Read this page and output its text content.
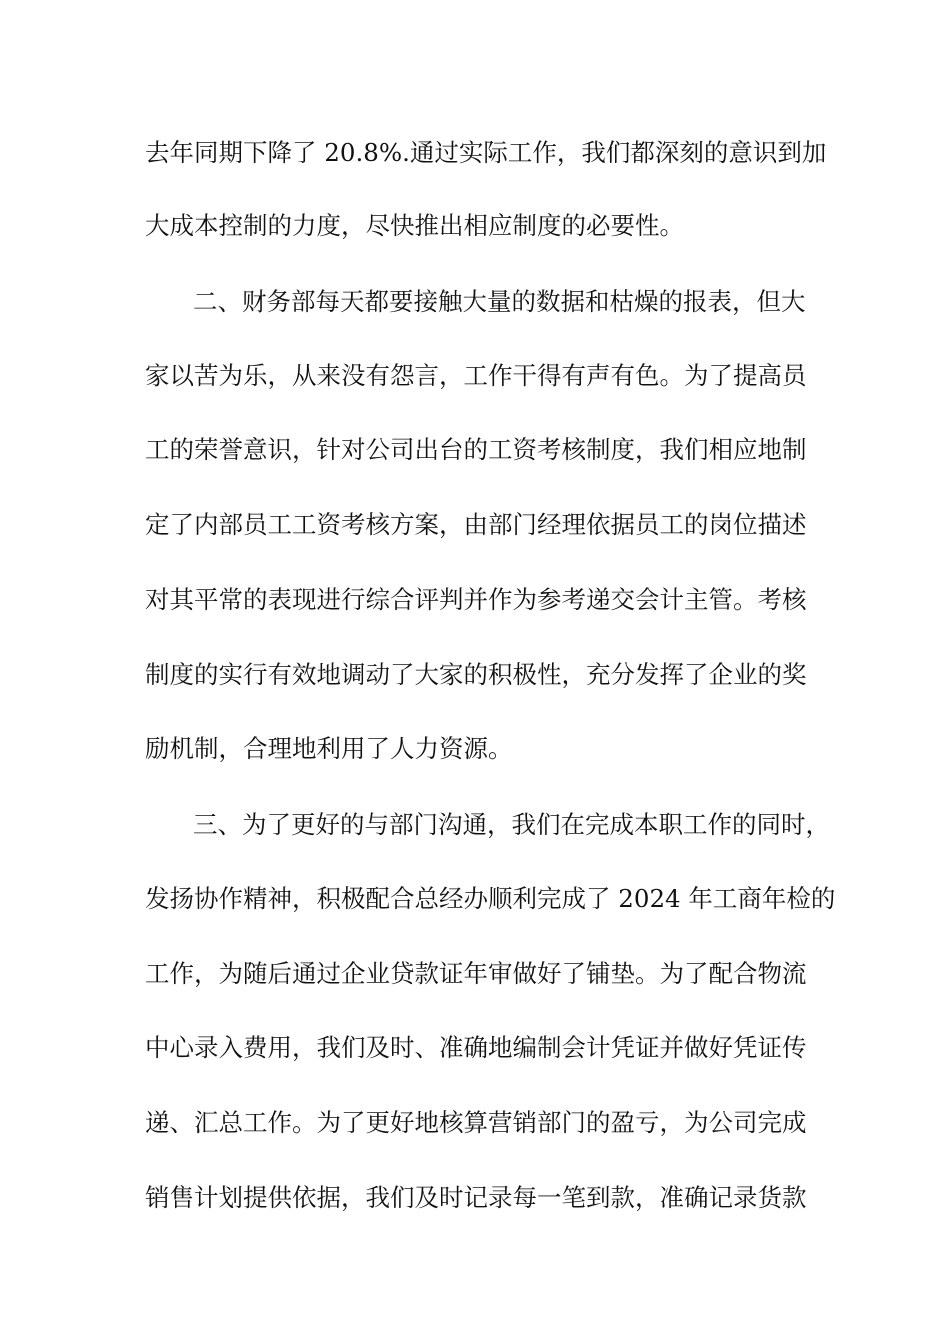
去年同期下降了 20.8%.通过实际工作，我们都深刻的意识到加

大成本控制的力度，尽快推出相应制度的必要性。

二、财务部每天都要接触大量的数据和枯燥的报表，但大

家以苦为乐，从来没有怨言，工作干得有声有色。为了提高员

工的荣誉意识，针对公司出台的工资考核制度，我们相应地制

定了内部员工工资考核方案，由部门经理依据员工的岗位描述

对其平常的表现进行综合评判并作为参考递交会计主管。考核

制度的实行有效地调动了大家的积极性，充分发挥了企业的奖

励机制，合理地利用了人力资源。

三、为了更好的与部门沟通，我们在完成本职工作的同时，

发扬协作精神，积极配合总经办顺利完成了 2024 年工商年检的

工作，为随后通过企业贷款证年审做好了铺垫。为了配合物流

中心录入费用，我们及时、准确地编制会计凭证并做好凭证传

递、汇总工作。为了更好地核算营销部门的盈亏，为公司完成

销售计划提供依据，我们及时记录每一笔到款，准确记录货款
